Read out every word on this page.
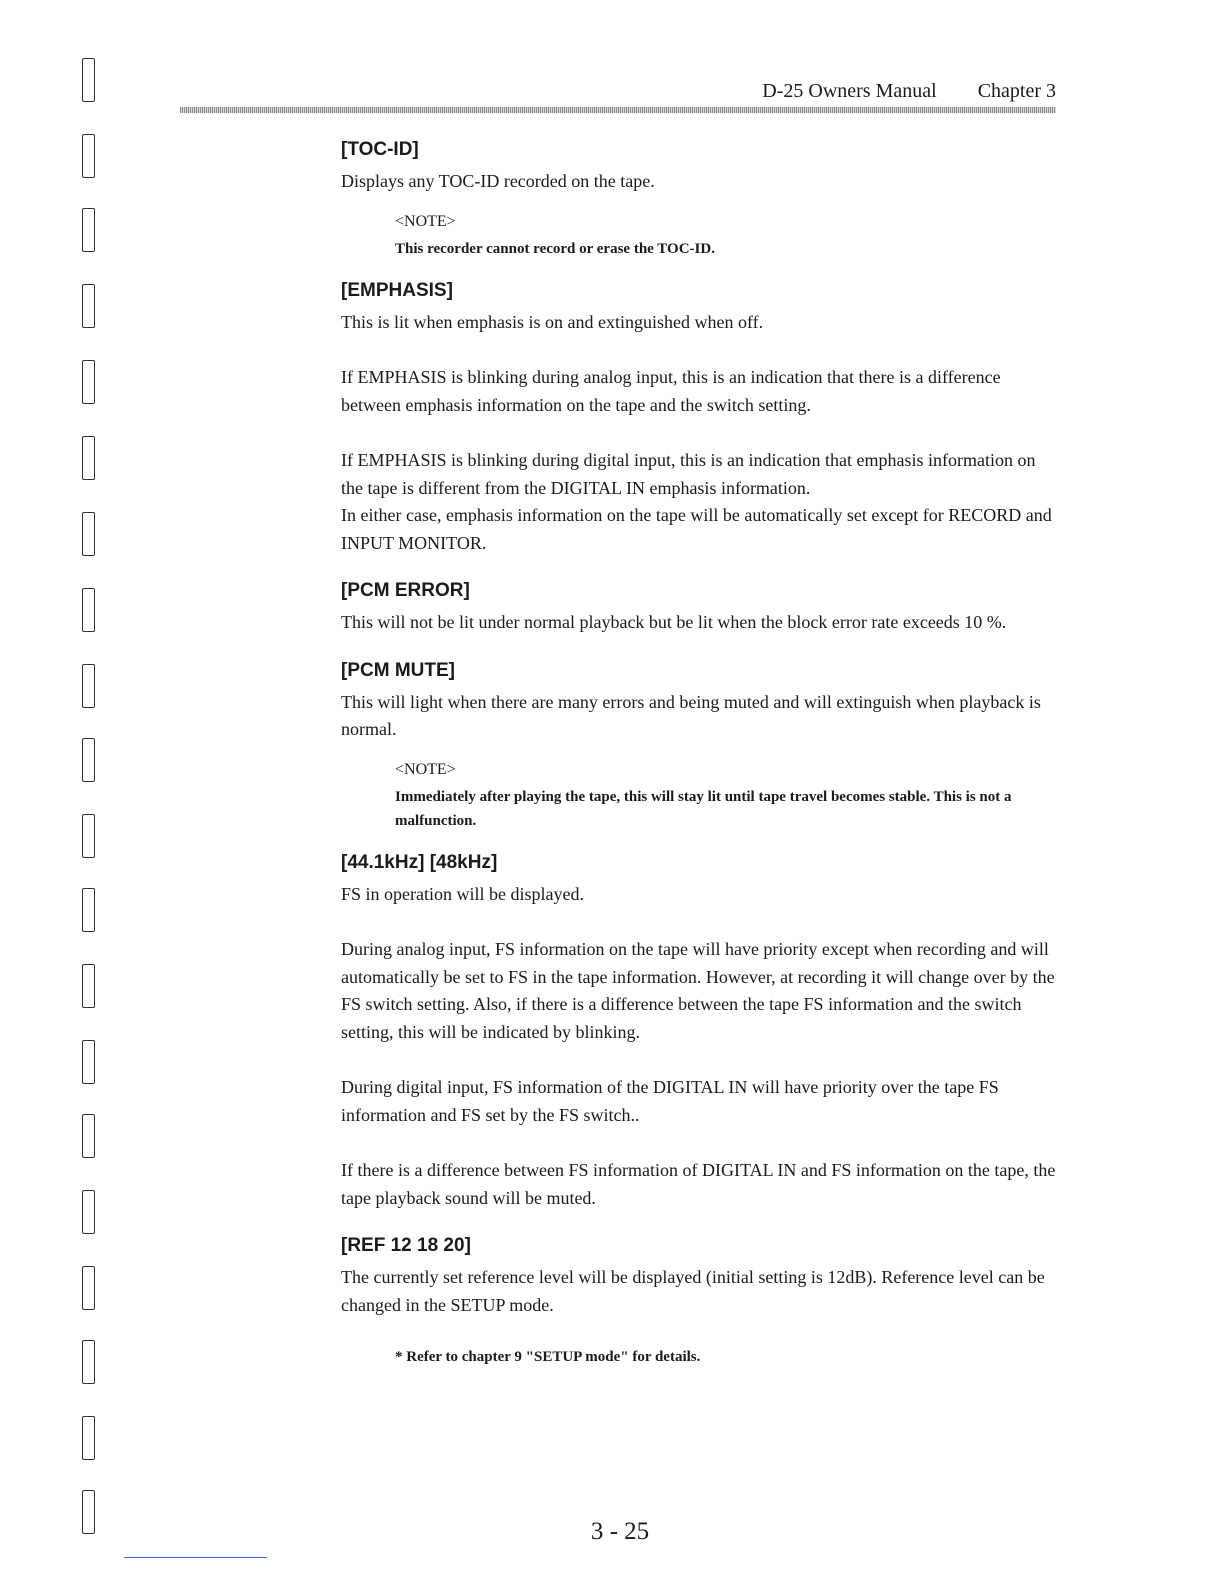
D-25 Owners Manual Chapter 3
[TOC-ID]

Displays any TOC-ID recorded on the tape.

<NOTE>
This recorder cannot record or erase the TOC-ID.
[EMPHASIS]

This is lit when emphasis is on and extinguished when off.

If EMPHASIS is blinking during analog input, this is an indication that there is a difference between emphasis information on the tape and the switch setting.

If EMPHASIS is blinking during digital input, this is an indication that emphasis information on the tape is different from the DIGITAL IN emphasis information.

In either case, emphasis information on the tape will be automatically set except for RECORD and INPUT MONITOR.

[PCM ERROR]

This will not be lit under normal playback but be lit when the block error rate exceeds 10 %.

[PCM MUTE]

This will light when there are many errors and being muted and will extinguish when playback is normal.

<NOTE>
Immediately after playing the tape, this will stay lit until tape travel becomes stable. This is not a malfunction.
[44.1kHz] [48kHz]

FS in operation will be displayed.

During analog input, FS information on the tape will have priority except when recording and will automatically be set to FS in the tape information. However, at recording it will change over by the FS switch setting. Also, if there is a difference between the tape FS information and the switch setting, this will be indicated by blinking.

During digital input, FS information of the DIGITAL IN will have priority over the tape FS information and FS set by the FS switch..

If there is a difference between FS information of DIGITAL IN and FS information on the tape, the tape playback sound will be muted.

[REF 12 18 20]

The currently set reference level will be displayed (initial setting is 12dB). Reference level can be changed in the SETUP mode.

* Refer to chapter 9 "SETUP mode" for details.
3 - 25
